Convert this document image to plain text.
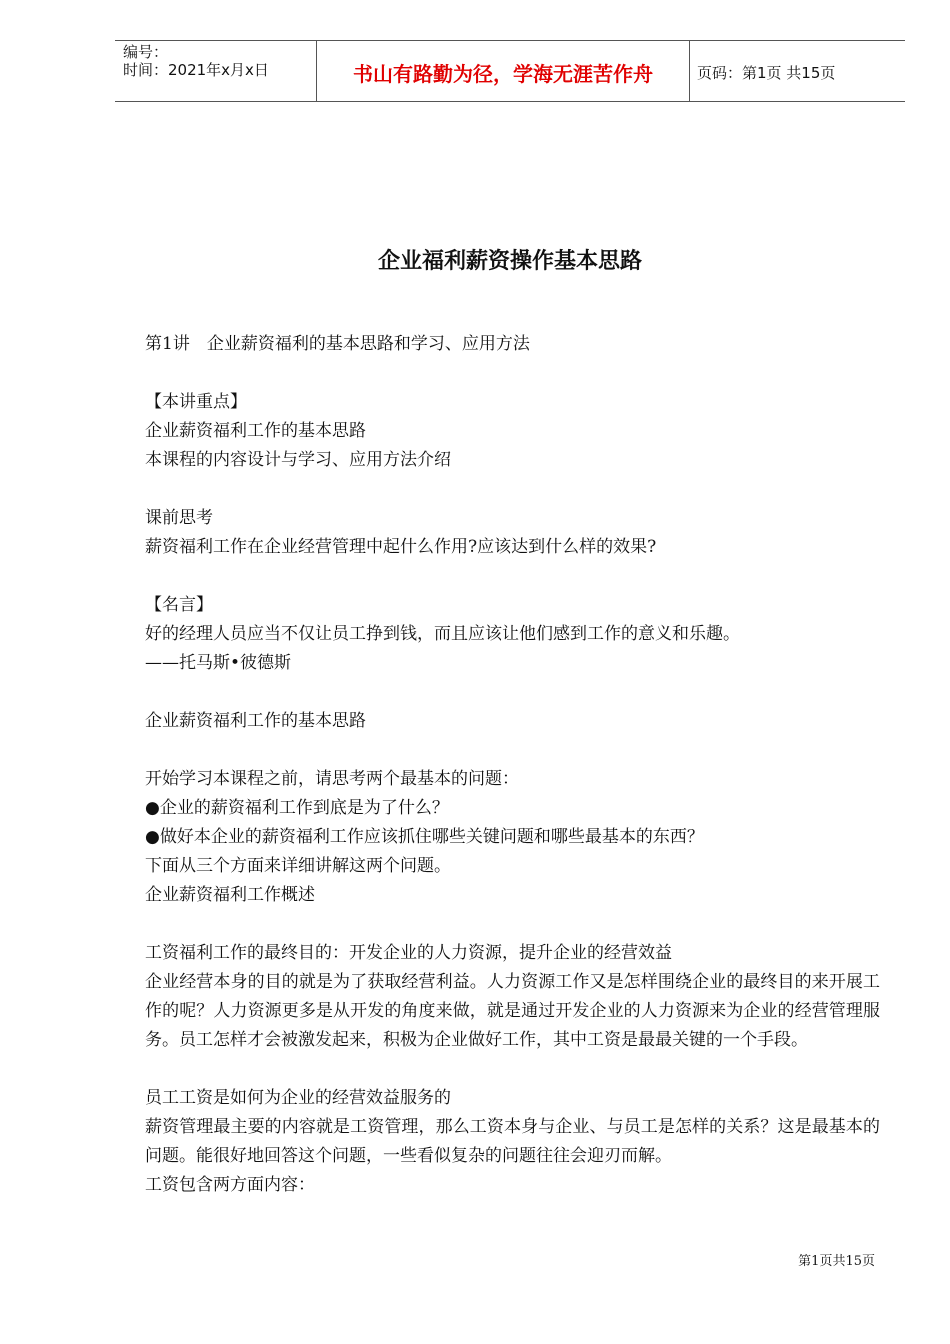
编号：
时间：2021年x月x日	书山有路勤为径，学海无涯苦作舟	页码：第1页 共15页
企业福利薪资操作基本思路
第1讲　企业薪资福利的基本思路和学习、应用方法
【本讲重点】
企业薪资福利工作的基本思路
本课程的内容设计与学习、应用方法介绍
课前思考
薪资福利工作在企业经营管理中起什么作用?应该达到什么样的效果?
【名言】
好的经理人员应当不仅让员工挣到钱，而且应该让他们感到工作的意义和乐趣。
——托马斯•彼德斯
企业薪资福利工作的基本思路
开始学习本课程之前，请思考两个最基本的问题：
●企业的薪资福利工作到底是为了什么？
●做好本企业的薪资福利工作应该抓住哪些关键问题和哪些最基本的东西？
下面从三个方面来详细讲解这两个问题。
企业薪资福利工作概述
工资福利工作的最终目的：开发企业的人力资源，提升企业的经营效益
企业经营本身的目的就是为了获取经营利益。人力资源工作又是怎样围绕企业的最终目的来开展工作的呢？人力资源更多是从开发的角度来做，就是通过开发企业的人力资源来为企业的经营管理服务。员工怎样才会被激发起来，积极为企业做好工作，其中工资是最最关键的一个手段。
员工工资是如何为企业的经营效益服务的
薪资管理最主要的内容就是工资管理，那么工资本身与企业、与员工是怎样的关系？这是最基本的问题。能很好地回答这个问题，一些看似复杂的问题往往会迎刃而解。
工资包含两方面内容：
第1页共15页
